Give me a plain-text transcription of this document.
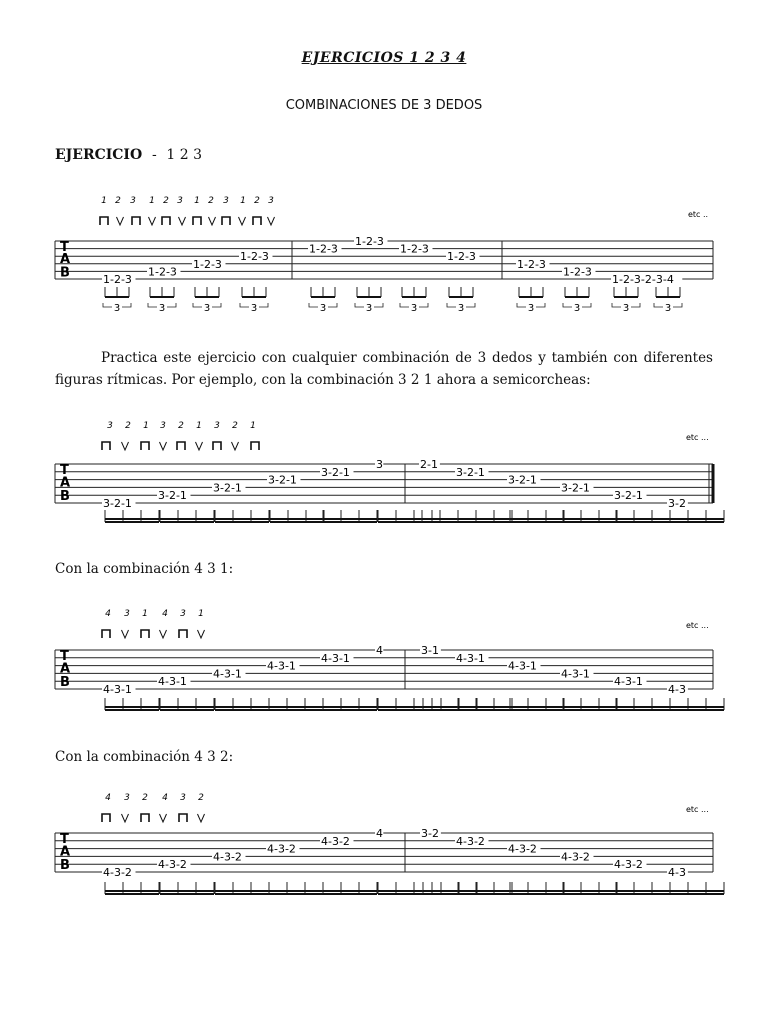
EJERCICIOS 1 2 3 4
COMBINACIONES DE 3 DEDOS
EJERCICIO - 1 2 3
T
A
B
1 2 3 1 2 3 1 2 3 1 2 3
etc ..
1-2-3
1-2-3
1-2-3
1-2-3
1-2-3
1-2-3
1-2-3
1-2-3
1-2-3
1-2-3
1-2-3-2-3-4
3	3	3	3	3	3	3	3	3	3	3	3
Practica este ejercicio con cualquier combinación de 3 dedos y también con diferentes figuras rítmicas. Por ejemplo, con la combinación 3 2 1 ahora a semicorcheas:
T
A
B
3 2 1 3 2 1 3 2 1
etc ...
3-2-1
3-2-1
3-2-1
3-2-1
3-2-1
3	2-1
3-2-1
3-2-1
3-2-1
3-2-1
3-2
Con la combinación 4 3 1:
T
A
B
4 3 1 4 3 1
etc ...
4-3-1
4-3-1
4-3-1
4-3-1
4-3-1
4	3-1
4-3-1
4-3-1
4-3-1
4-3-1
4-3
Con la combinación 4 3 2:
T
A
B
4 3 2 4 3 2
etc ...
4-3-2
4-3-2
4-3-2
4-3-2
4-3-2
4	3-2
4-3-2
4-3-2
4-3-2
4-3-2
4-3
